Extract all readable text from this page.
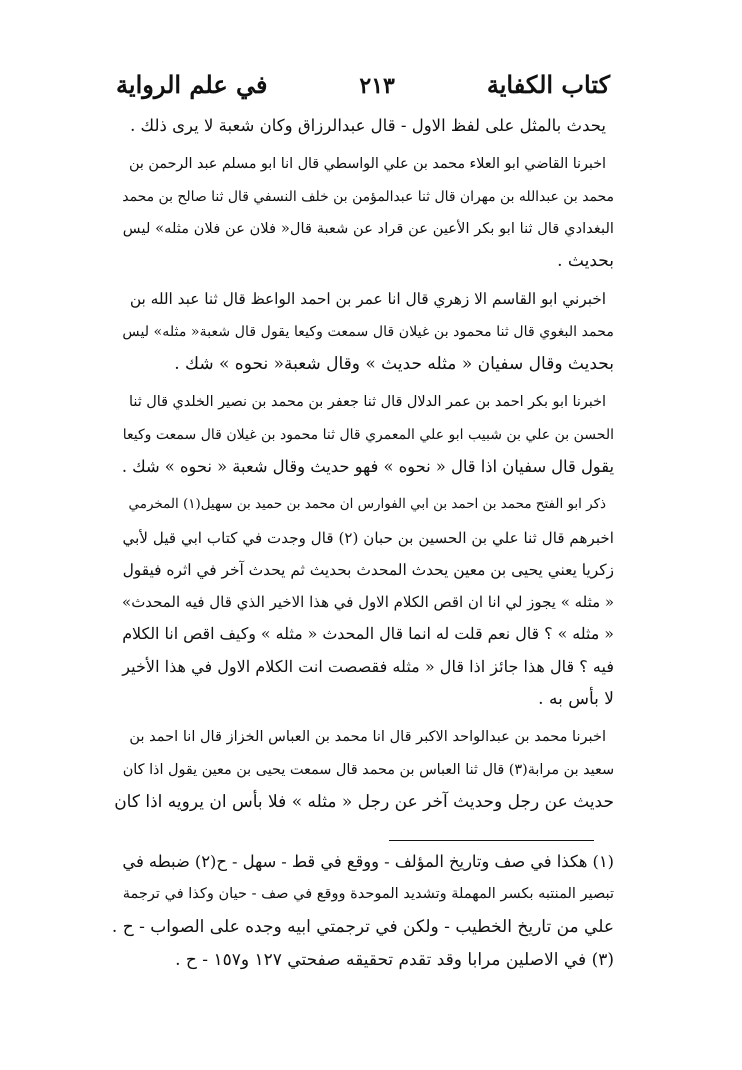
كتاب الكفاية
٢١٣
في علم الرواية
يحدث بالمثل على لفظ الاول - قال عبدالرزاق وكان شعبة لا يرى ذلك .
اخبرنا القاضي ابو العلاء محمد بن علي الواسطي قال انا ابو مسلم عبد الرحمن بن
محمد بن عبدالله بن مهران قال ثنا عبدالمؤمن بن خلف النسفي قال ثنا صالح بن محمد
البغدادي قال ثنا ابو بكر الأعين عن قراد عن شعبة قال« فلان عن فلان مثله» ليس
بحديث .
اخبرني ابو القاسم الا زهري قال انا عمر بن احمد الواعظ قال ثنا عبد الله بن
محمد البغوي قال ثنا محمود بن غيلان قال سمعت وكيعا يقول قال شعبة« مثله» ليس
بحديث وقال سفيان « مثله حديث » وقال شعبة« نحوه » شك .
اخبرنا ابو بكر احمد بن عمر الدلال قال ثنا جعفر بن محمد بن نصير الخلدي قال ثنا
الحسن بن علي بن شبيب ابو علي المعمري قال ثنا محمود بن غيلان قال سمعت وكيعا
يقول قال سفيان اذا قال « نحوه » فهو حديث وقال شعبة « نحوه » شك .
ذكر ابو الفتح محمد بن احمد بن ابي الفوارس ان محمد بن حميد بن سهيل(١) المخرمي
اخبرهم قال ثنا علي بن الحسين بن حبان (٢) قال وجدت في كتاب ابي قيل لأبي
زكريا يعني يحيى بن معين يحدث المحدث بحديث ثم يحدث آخر في اثره فيقول
« مثله » يجوز لي انا ان اقص الكلام الاول في هذا الاخير الذي قال فيه المحدث»
« مثله » ؟ قال نعم قلت له انما قال المحدث « مثله » وكيف اقص انا الكلام
فيه ؟ قال هذا جائز اذا قال « مثله فقصصت انت الكلام الاول في هذا الأخير
لا بأس به .
اخبرنا محمد بن عبدالواحد الاكبر قال انا محمد بن العباس الخزاز قال انا احمد بن
سعيد بن مرابة(٣) قال ثنا العباس بن محمد قال سمعت يحيى بن معين يقول اذا كان
حديث عن رجل وحديث آخر عن رجل « مثله » فلا بأس ان يرويه اذا كان
(١) هكذا في صف وتاريخ المؤلف - ووقع في قط - سهل - ح(٢) ضبطه في
تبصير المنتبه بكسر المهملة وتشديد الموحدة ووقع في صف - حيان وكذا في ترجمة
علي من تاريخ الخطيب - ولكن في ترجمتي ابيه وجده على الصواب - ح .
(٣) في الاصلين مرابا وقد تقدم تحقيقه صفحتي ١٢٧ و١٥٧ - ح .
